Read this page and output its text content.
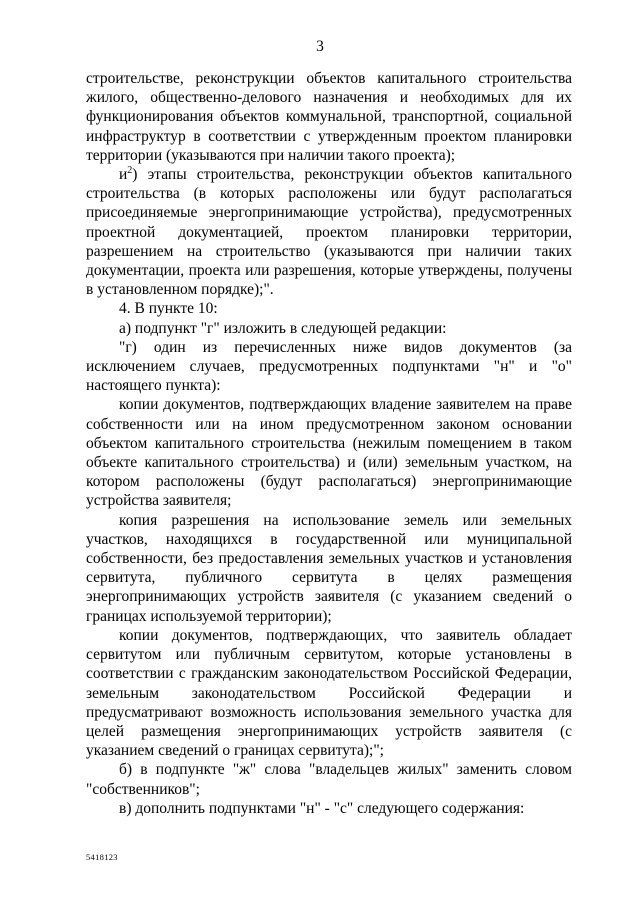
3

строительстве, реконструкции объектов капитального строительства жилого, общественно-делового назначения и необходимых для их функционирования объектов коммунальной, транспортной, социальной инфраструктур в соответствии с утвержденным проектом планировки территории (указываются при наличии такого проекта);

$и^2$) этапы строительства, реконструкции объектов капитального строительства (в которых расположены или будут располагаться присоединяемые энергопринимающие устройства), предусмотренных проектной документацией, проектом планировки территории, разрешением на строительство (указываются при наличии таких документации, проекта или разрешения, которые утверждены, получены в установленном порядке);".

4. В пункте 10:

а) подпункт "г" изложить в следующей редакции:

"г) один из перечисленных ниже видов документов (за исключением случаев, предусмотренных подпунктами "н" и "о" настоящего пункта):

копии документов, подтверждающих владение заявителем на праве собственности или на ином предусмотренном законом основании объектом капитального строительства (нежилым помещением в таком объекте капитального строительства) и (или) земельным участком, на котором расположены (будут располагаться) энергопринимающие устройства заявителя;

копия разрешения на использование земель или земельных участков, находящихся в государственной или муниципальной собственности, без предоставления земельных участков и установления сервитута, публичного сервитута в целях размещения энергопринимающих устройств заявителя (с указанием сведений о границах используемой территории);

копии документов, подтверждающих, что заявитель обладает сервитутом или публичным сервитутом, которые установлены в соответствии с гражданским законодательством Российской Федерации, земельным законодательством Российской Федерации и предусматривают возможность использования земельного участка для целей размещения энергопринимающих устройств заявителя (с указанием сведений о границах сервитута);";

б) в подпункте "ж" слова "владельцев жилых" заменить словом "собственников";

в) дополнить подпунктами "н" - "с" следующего содержания:

5418123
